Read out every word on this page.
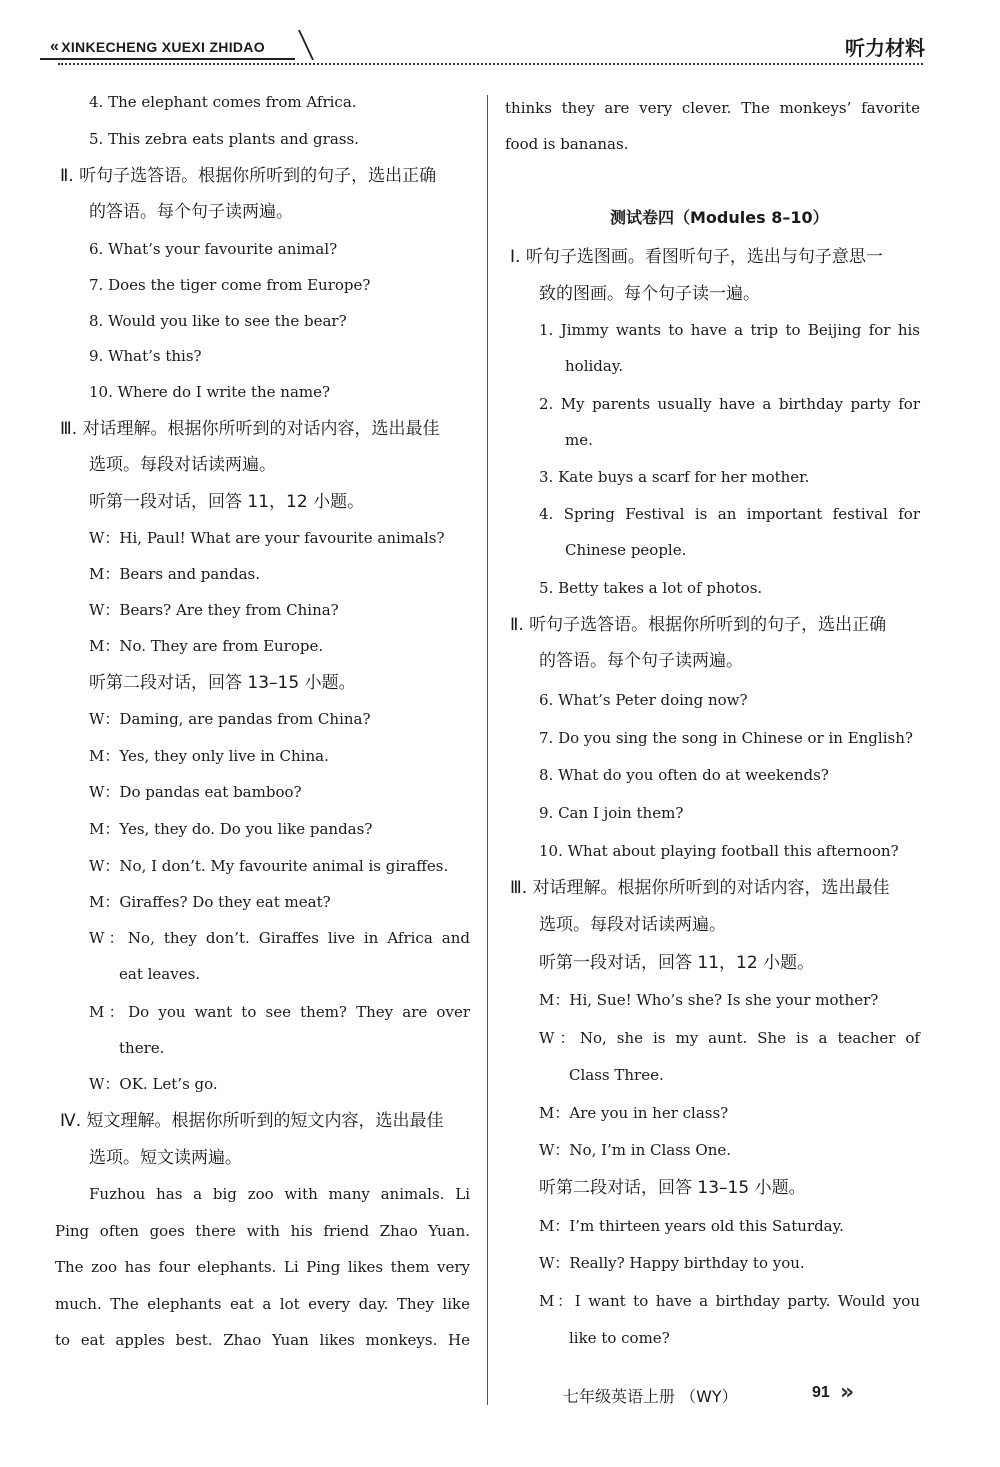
« XINKECHENG XUEXI ZHIDAO	听力材料
4. The elephant comes from Africa.
5. This zebra eats plants and grass.
Ⅱ. 听句子选答语。根据你所听到的句子，选出正确
的答语。每个句子读两遍。
6. What’s your favourite animal?
7. Does the tiger come from Europe?
8. Would you like to see the bear?
9. What’s this?
10. Where do I write the name?
Ⅲ. 对话理解。根据你所听到的对话内容，选出最佳
选项。每段对话读两遍。
听第一段对话，回答 11，12 小题。
W：Hi, Paul! What are your favourite animals?
M：Bears and pandas.
W：Bears? Are they from China?
M：No. They are from Europe.
听第二段对话，回答 13–15 小题。
W：Daming, are pandas from China?
M：Yes, they only live in China.
W：Do pandas eat bamboo?
M：Yes, they do. Do you like pandas?
W：No, I don’t. My favourite animal is giraffes.
M：Giraffes? Do they eat meat?
W：No, they don’t. Giraffes live in Africa and
eat leaves.
M：Do you want to see them? They are over
there.
W：OK. Let’s go.
Ⅳ. 短文理解。根据你所听到的短文内容，选出最佳
选项。短文读两遍。
Fuzhou has a big zoo with many animals. Li
Ping often goes there with his friend Zhao Yuan.
The zoo has four elephants. Li Ping likes them very
much. The elephants eat a lot every day. They like
to eat apples best. Zhao Yuan likes monkeys. He
thinks they are very clever. The monkeys’ favorite
food is bananas.
测试卷四（Modules 8–10）
Ⅰ. 听句子选图画。看图听句子，选出与句子意思一
致的图画。每个句子读一遍。
1. Jimmy wants to have a trip to Beijing for his
holiday.
2. My parents usually have a birthday party for
me.
3. Kate buys a scarf for her mother.
4. Spring Festival is an important festival for
Chinese people.
5. Betty takes a lot of photos.
Ⅱ. 听句子选答语。根据你所听到的句子，选出正确
的答语。每个句子读两遍。
6. What’s Peter doing now?
7. Do you sing the song in Chinese or in English?
8. What do you often do at weekends?
9. Can I join them?
10. What about playing football this afternoon?
Ⅲ. 对话理解。根据你所听到的对话内容，选出最佳
选项。每段对话读两遍。
听第一段对话，回答 11，12 小题。
M：Hi, Sue! Who’s she? Is she your mother?
W：No, she is my aunt. She is a teacher of
Class Three.
M：Are you in her class?
W：No, I’m in Class One.
听第二段对话，回答 13–15 小题。
M：I’m thirteen years old this Saturday.
W：Really? Happy birthday to you.
M：I want to have a birthday party. Would you
like to come?
七年级英语上册 （WY）	91 »
